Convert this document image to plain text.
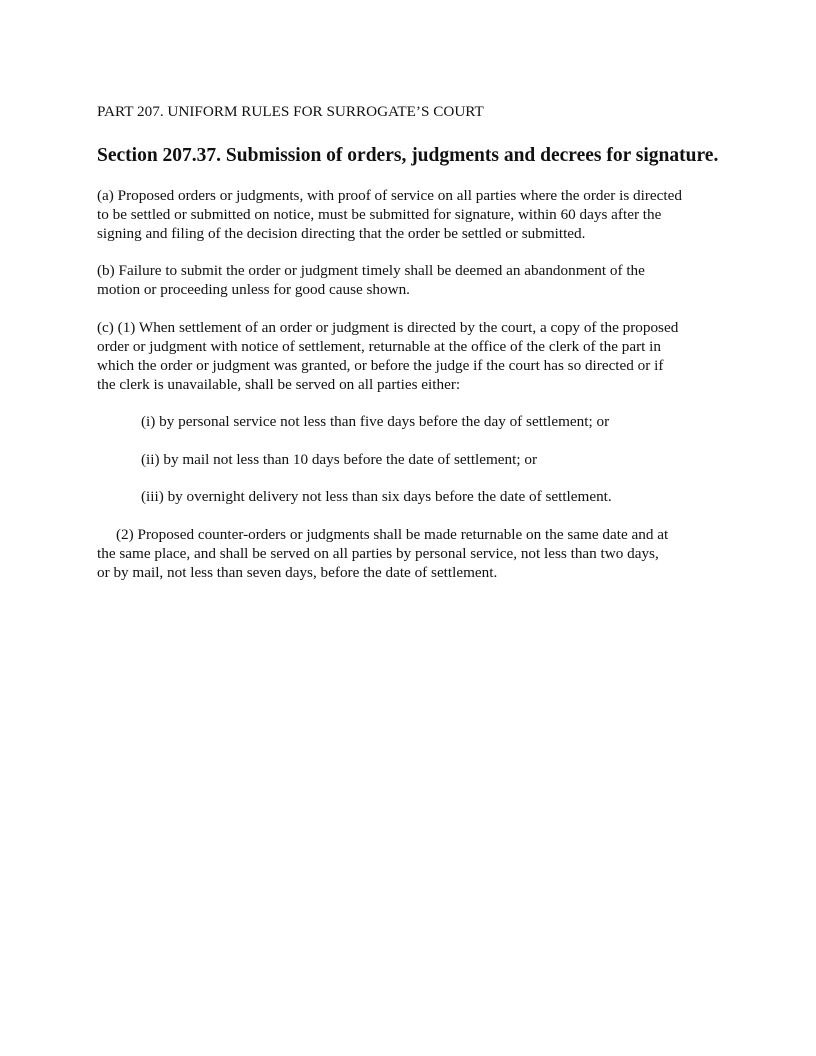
PART 207. UNIFORM RULES FOR SURROGATE’S COURT
Section 207.37. Submission of orders, judgments and decrees for signature.
(a) Proposed orders or judgments, with proof of service on all parties where the order is directed
to be settled or submitted on notice, must be submitted for signature, within 60 days after the
signing and filing of the decision directing that the order be settled or submitted.
(b) Failure to submit the order or judgment timely shall be deemed an abandonment of the
motion or proceeding unless for good cause shown.
(c) (1) When settlement of an order or judgment is directed by the court, a copy of the proposed
order or judgment with notice of settlement, returnable at the office of the clerk of the part in
which the order or judgment was granted, or before the judge if the court has so directed or if
the clerk is unavailable, shall be served on all parties either:
(i) by personal service not less than five days before the day of settlement; or
(ii) by mail not less than 10 days before the date of settlement; or
(iii) by overnight delivery not less than six days before the date of settlement.
(2) Proposed counter-orders or judgments shall be made returnable on the same date and at
the same place, and shall be served on all parties by personal service, not less than two days,
or by mail, not less than seven days, before the date of settlement.
